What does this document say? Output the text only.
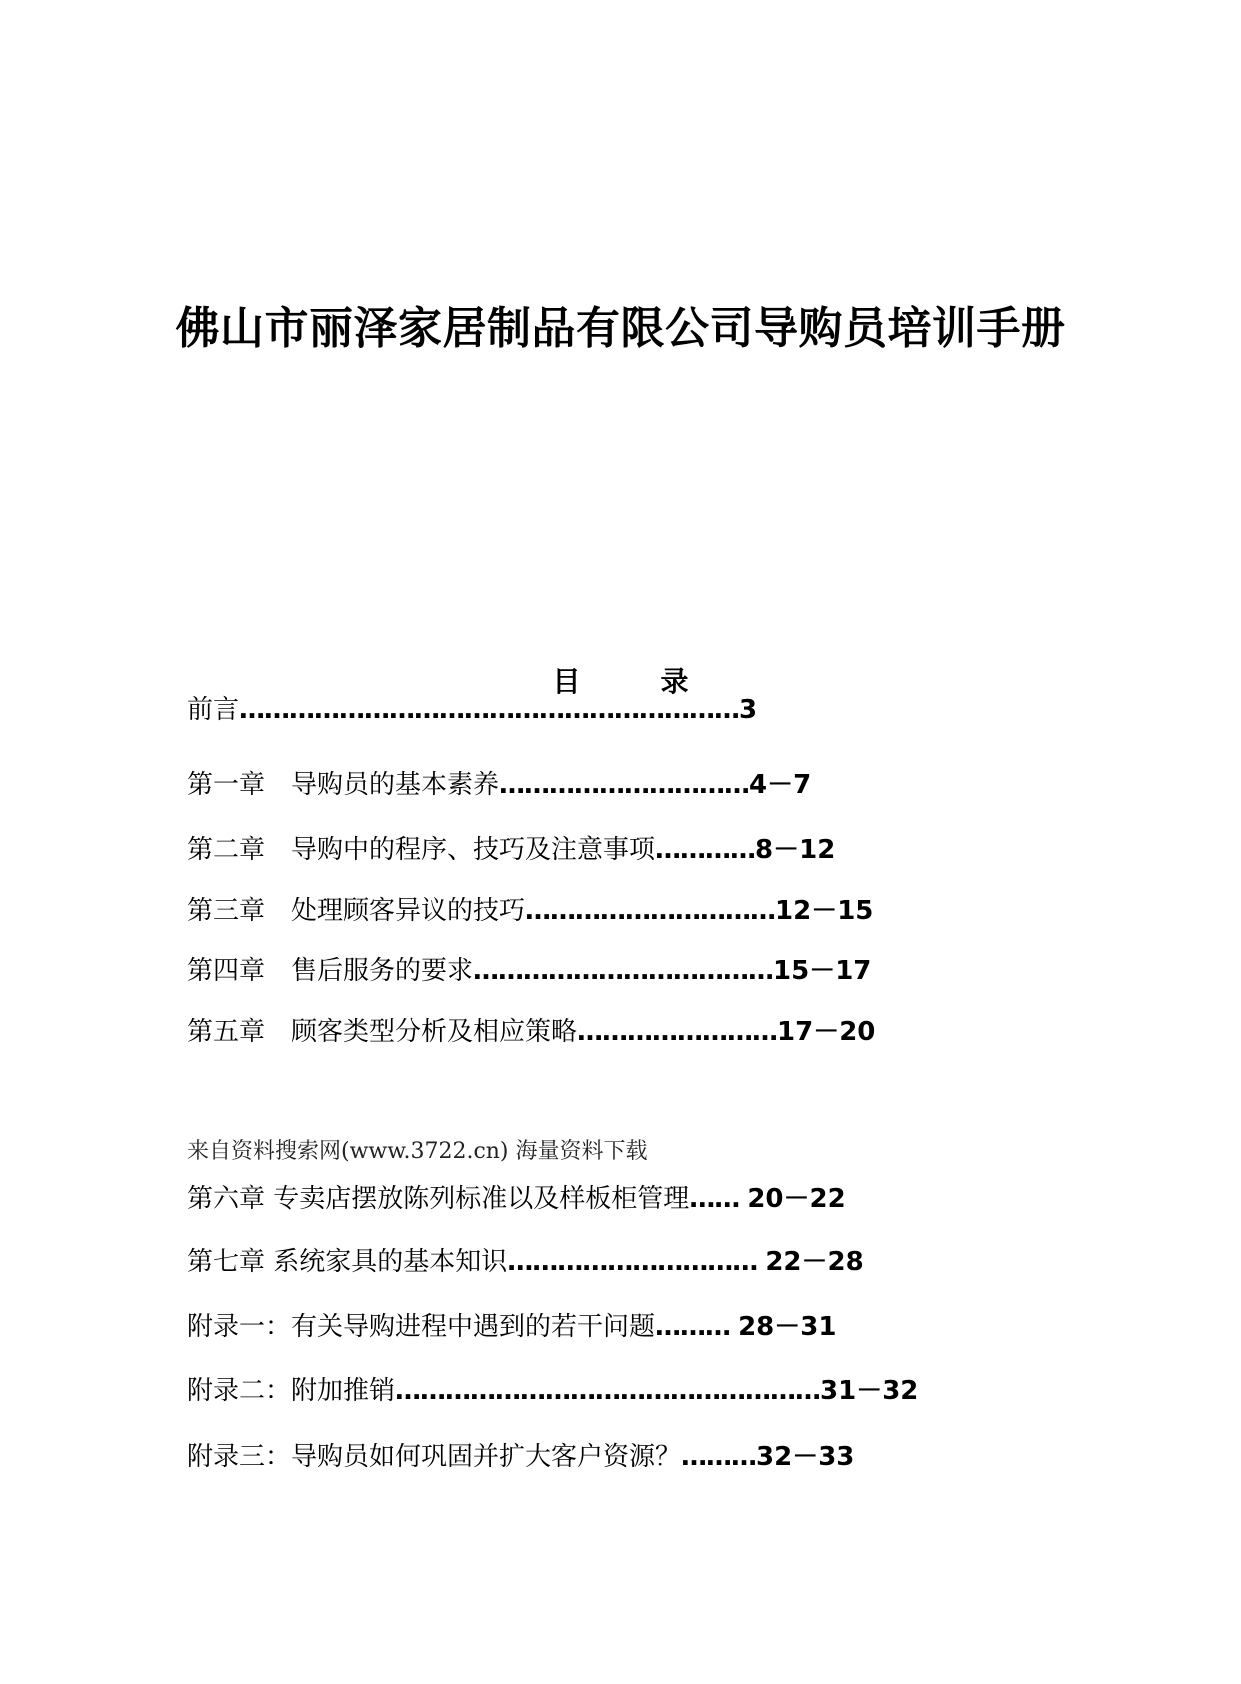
佛山市丽泽家居制品有限公司导购员培训手册
目	录
前言……………………………………………………3
第一章　导购员的基本素养…………………………4－7
第二章　导购中的程序、技巧及注意事项…………8－12
第三章　处理顾客异议的技巧…………………………12－15
第四章　售后服务的要求………………………………15－17
第五章　顾客类型分析及相应策略……………………17－20
来自资料搜索网(www.3722.cn) 海量资料下载
第六章 专卖店摆放陈列标准以及样板柜管理…… 20－22
第七章 系统家具的基本知识………………………… 22－28
附录一：有关导购进程中遇到的若干问题……… 28－31
附录二：附加推销……………………………………………31－32
附录三：导购员如何巩固并扩大客户资源？………32－33
